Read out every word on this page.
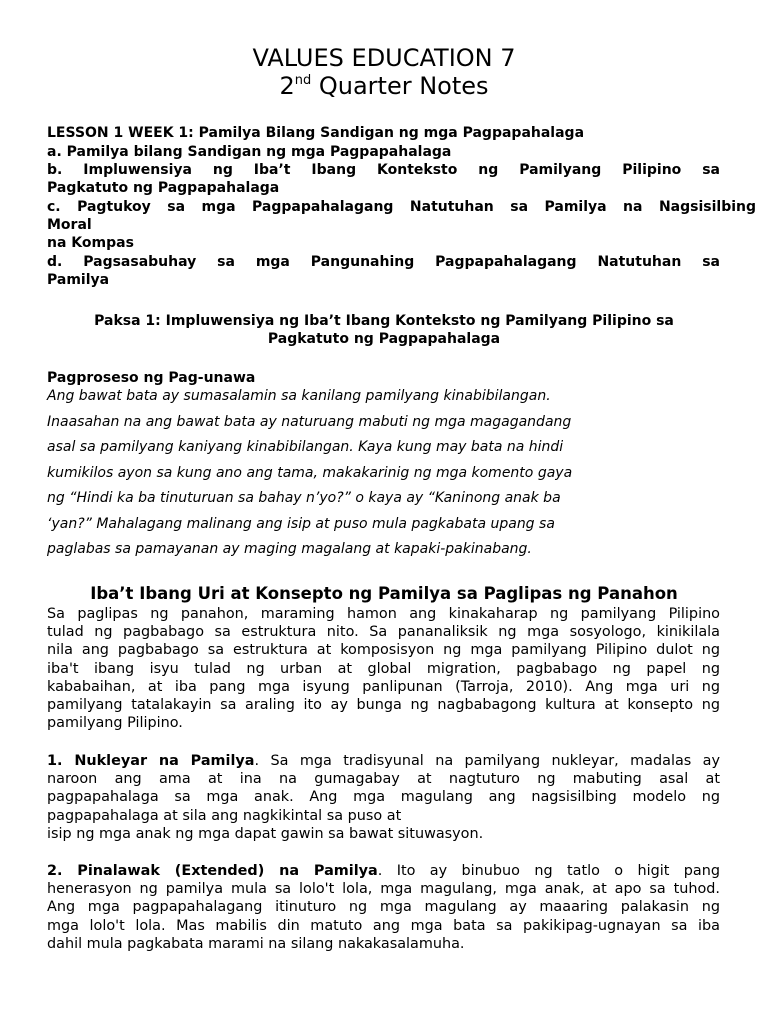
VALUES EDUCATION 7
2nd Quarter Notes
LESSON 1 WEEK 1: Pamilya Bilang Sandigan ng mga Pagpapahalaga
a. Pamilya bilang Sandigan ng mga Pagpapahalaga
b. Impluwensiya ng Iba’t Ibang Konteksto ng Pamilyang Pilipino sa
Pagkatuto ng Pagpapahalaga
c. Pagtukoy sa mga Pagpapahalagang Natutuhan sa Pamilya na Nagsisilbing
Moral
na Kompas
d. Pagsasabuhay sa mga Pangunahing Pagpapahalagang Natutuhan sa
Pamilya
Paksa 1: Impluwensiya ng Iba’t Ibang Konteksto ng Pamilyang Pilipino sa
Pagkatuto ng Pagpapahalaga
Pagproseso ng Pag-unawa
Ang bawat bata ay sumasalamin sa kanilang pamilyang kinabibilangan.
Inaasahan na ang bawat bata ay naturuang mabuti ng mga magagandang
asal sa pamilyang kaniyang kinabibilangan. Kaya kung may bata na hindi
kumikilos ayon sa kung ano ang tama, makakarinig ng mga komento gaya
ng “Hindi ka ba tinuturuan sa bahay n’yo?” o kaya ay “Kaninong anak ba
‘yan?” Mahalagang malinang ang isip at puso mula pagkabata upang sa
paglabas sa pamayanan ay maging magalang at kapaki-pakinabang.
Iba’t Ibang Uri at Konsepto ng Pamilya sa Paglipas ng Panahon
Sa paglipas ng panahon, maraming hamon ang kinakaharap ng pamilyang Pilipino
tulad ng pagbabago sa estruktura nito. Sa pananaliksik ng mga sosyologo, kinikilala
nila ang pagbabago sa estruktura at komposisyon ng mga pamilyang Pilipino dulot ng
iba't ibang isyu tulad ng urban at global migration, pagbabago ng papel ng
kababaihan, at iba pang mga isyung panlipunan (Tarroja, 2010). Ang mga uri ng
pamilyang tatalakayin sa araling ito ay bunga ng nagbabagong kultura at konsepto ng
pamilyang Pilipino.
1. Nukleyar na Pamilya. Sa mga tradisyunal na pamilyang nukleyar, madalas ay
naroon ang ama at ina na gumagabay at nagtuturo ng mabuting asal at
pagpapahalaga sa mga anak. Ang mga magulang ang nagsisilbing modelo ng
pagpapahalaga at sila ang nagkikintal sa puso at
isip ng mga anak ng mga dapat gawin sa bawat situwasyon.
2. Pinalawak (Extended) na Pamilya. Ito ay binubuo ng tatlo o higit pang
henerasyon ng pamilya mula sa lolo't lola, mga magulang, mga anak, at apo sa tuhod.
Ang mga pagpapahalagang itinuturo ng mga magulang ay maaaring palakasin ng
mga lolo't lola. Mas mabilis din matuto ang mga bata sa pakikipag-ugnayan sa iba
dahil mula pagkabata marami na silang nakakasalamuha.
